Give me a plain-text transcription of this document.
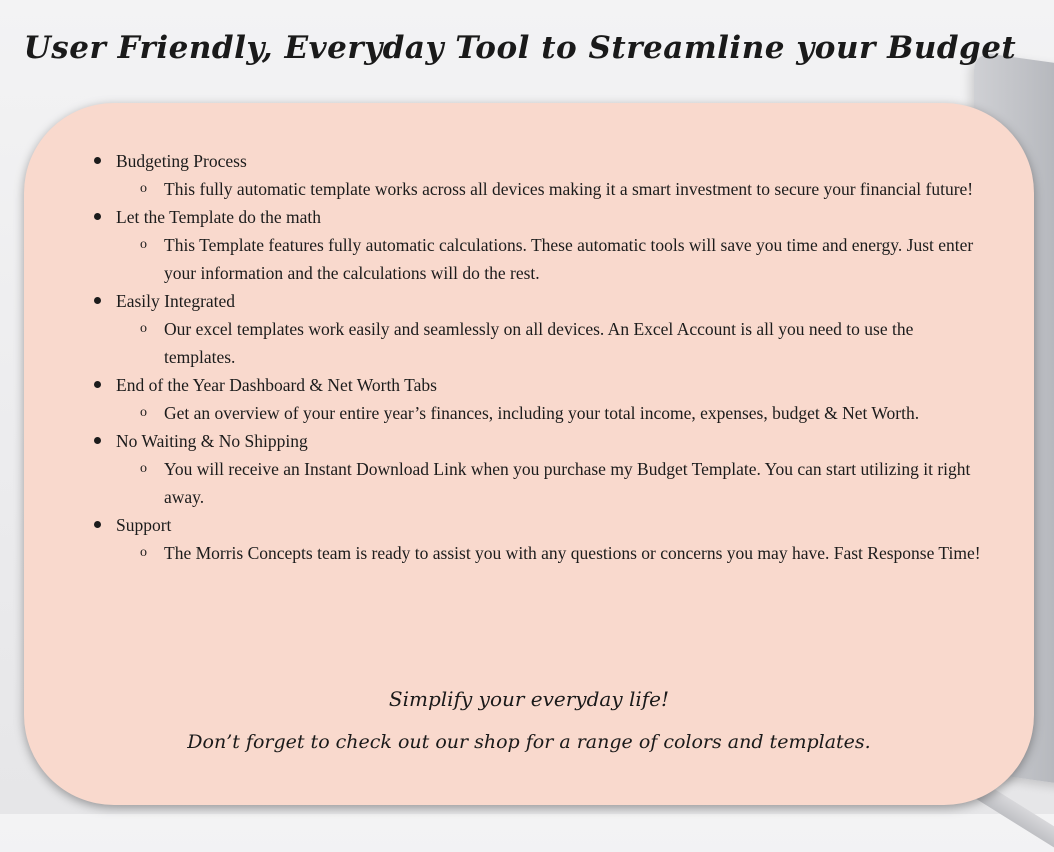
User Friendly, Everyday Tool to Streamline your Budget
Budgeting Process
o This fully automatic template works across all devices making it a smart investment to secure your financial future!
Let the Template do the math
o This Template features fully automatic calculations. These automatic tools will save you time and energy. Just enter your information and the calculations will do the rest.
Easily Integrated
o Our excel templates work easily and seamlessly on all devices. An Excel Account is all you need to use the templates.
End of the Year Dashboard & Net Worth Tabs
o Get an overview of your entire year’s finances, including your total income, expenses, budget & Net Worth.
No Waiting & No Shipping
o You will receive an Instant Download Link when you purchase my Budget Template. You can start utilizing it right away.
Support
o The Morris Concepts team is ready to assist you with any questions or concerns you may have. Fast Response Time!
Simplify your everyday life!
Don’t forget to check out our shop for a range of colors and templates.
